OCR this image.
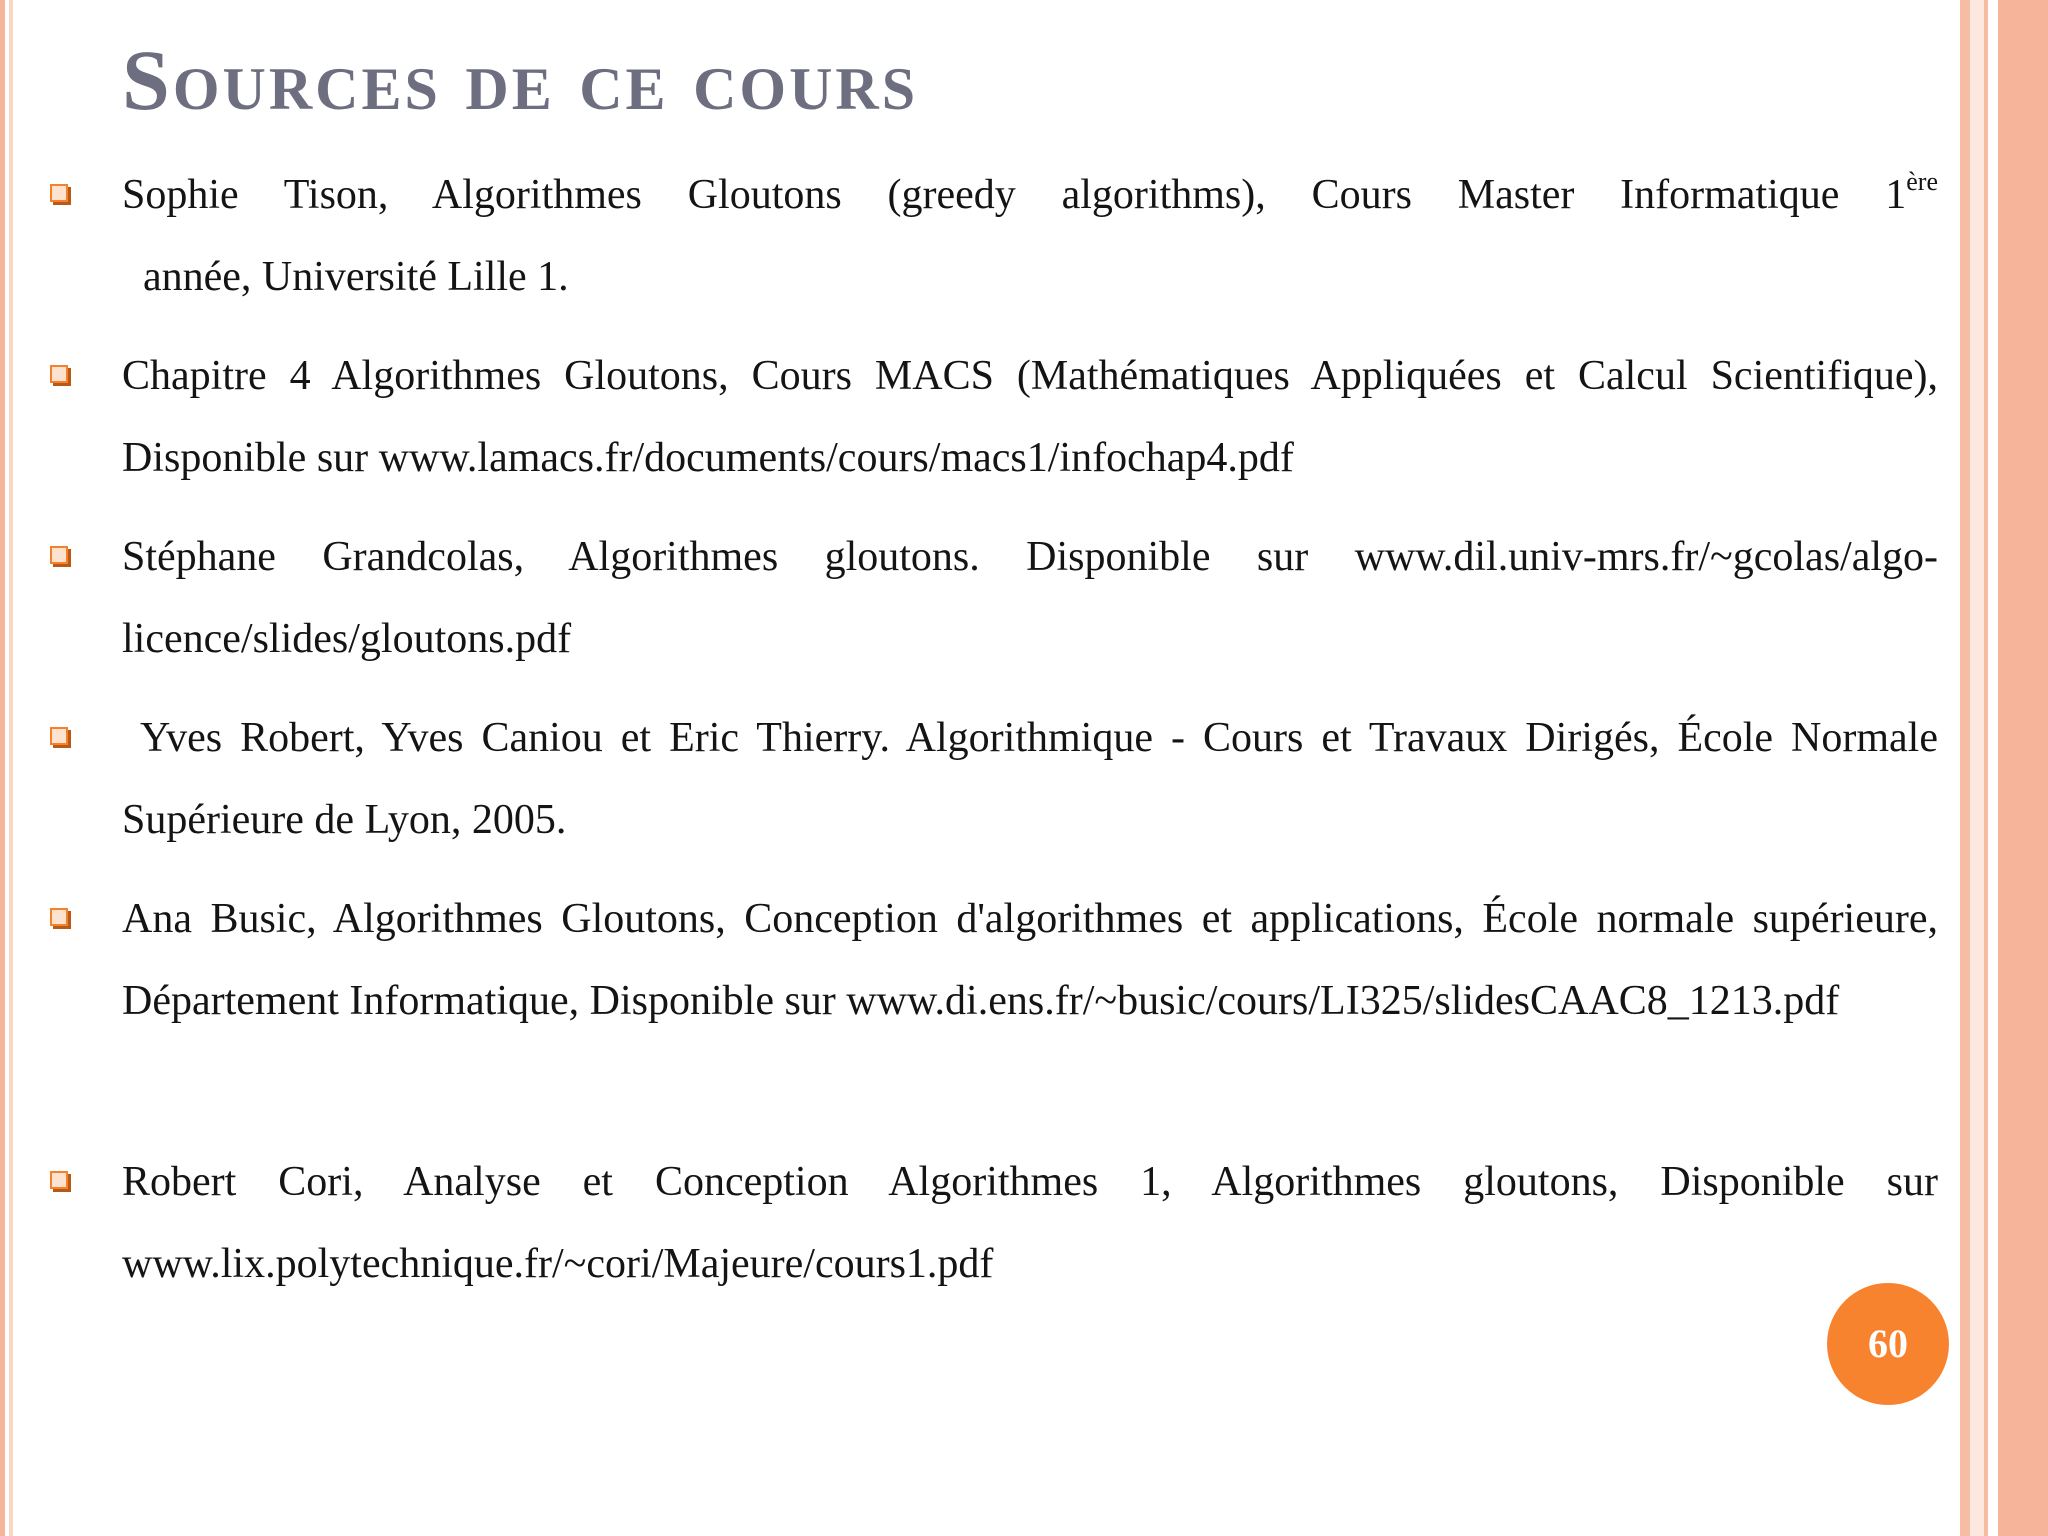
Sources de ce cours
Sophie Tison, Algorithmes Gloutons (greedy algorithms), Cours Master Informatique 1ère  année, Université Lille 1.
Chapitre 4 Algorithmes Gloutons, Cours MACS (Mathématiques Appliquées et Calcul Scientifique), Disponible sur www.lamacs.fr/documents/cours/macs1/infochap4.pdf
Stéphane Grandcolas, Algorithmes gloutons. Disponible sur www.dil.univ-mrs.fr/~gcolas/algo-licence/slides/gloutons.pdf
Yves Robert, Yves Caniou et Eric Thierry. Algorithmique - Cours et Travaux Dirigés, École Normale Supérieure de Lyon, 2005.
Ana Busic, Algorithmes Gloutons, Conception d'algorithmes et applications, École normale supérieure, Département Informatique, Disponible sur www.di.ens.fr/~busic/cours/LI325/slidesCAAC8_1213.pdf
Robert Cori, Analyse et Conception Algorithmes 1, Algorithmes gloutons, Disponible sur www.lix.polytechnique.fr/~cori/Majeure/cours1.pdf
60
